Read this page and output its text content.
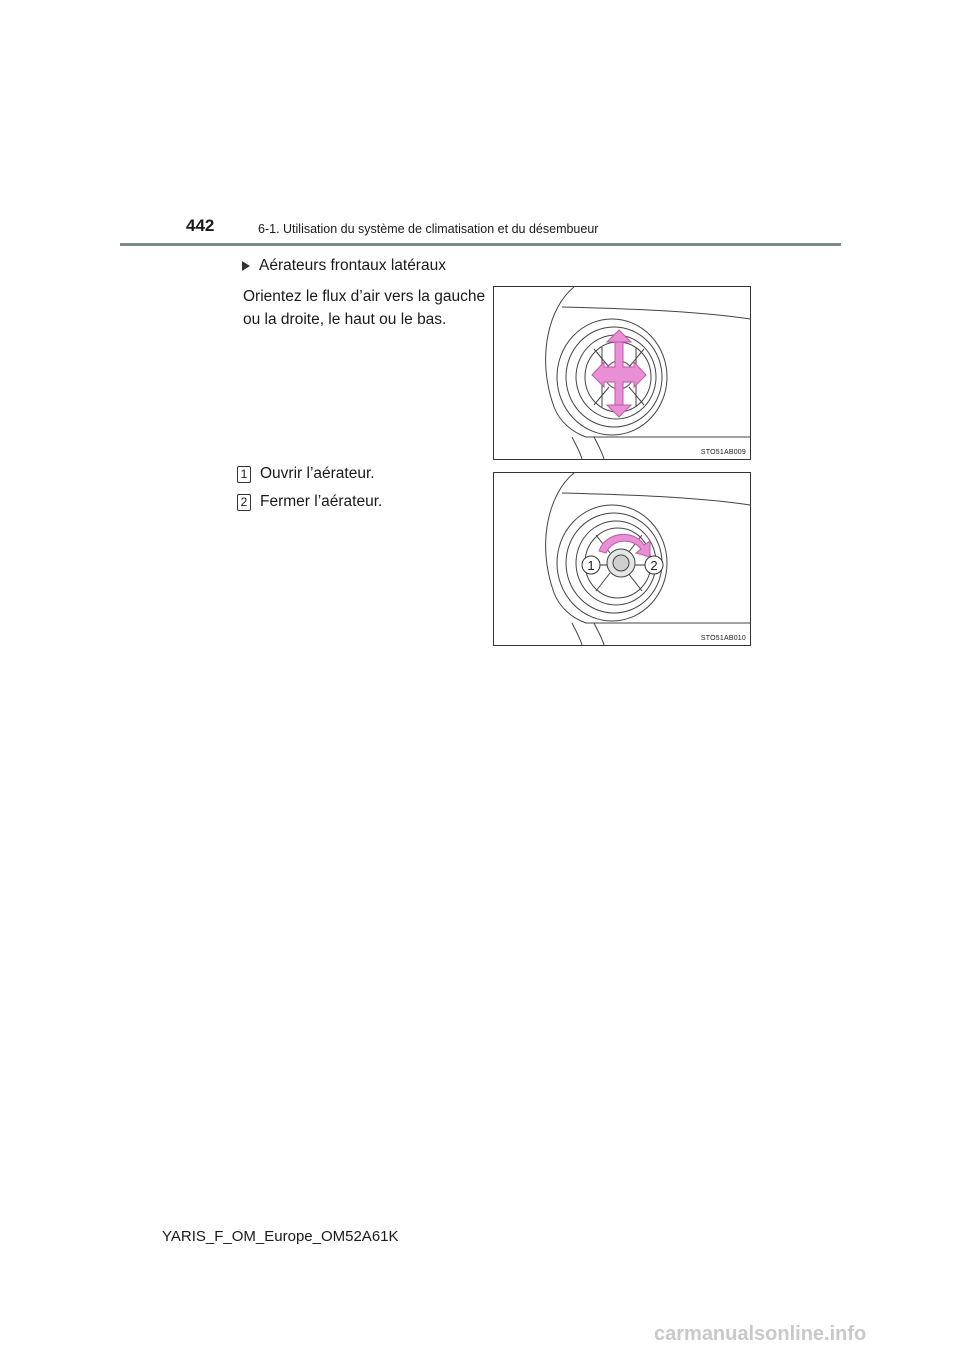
442	6-1. Utilisation du système de climatisation et du désembueur
Aérateurs frontaux latéraux
Orientez le flux d’air vers la gauche
ou la droite, le haut ou le bas.
1 Ouvrir l’aérateur.
2 Fermer l’aérateur.
STO51AB009
1	2
STO51AB010
YARIS_F_OM_Europe_OM52A61K
carmanualsonline.info
